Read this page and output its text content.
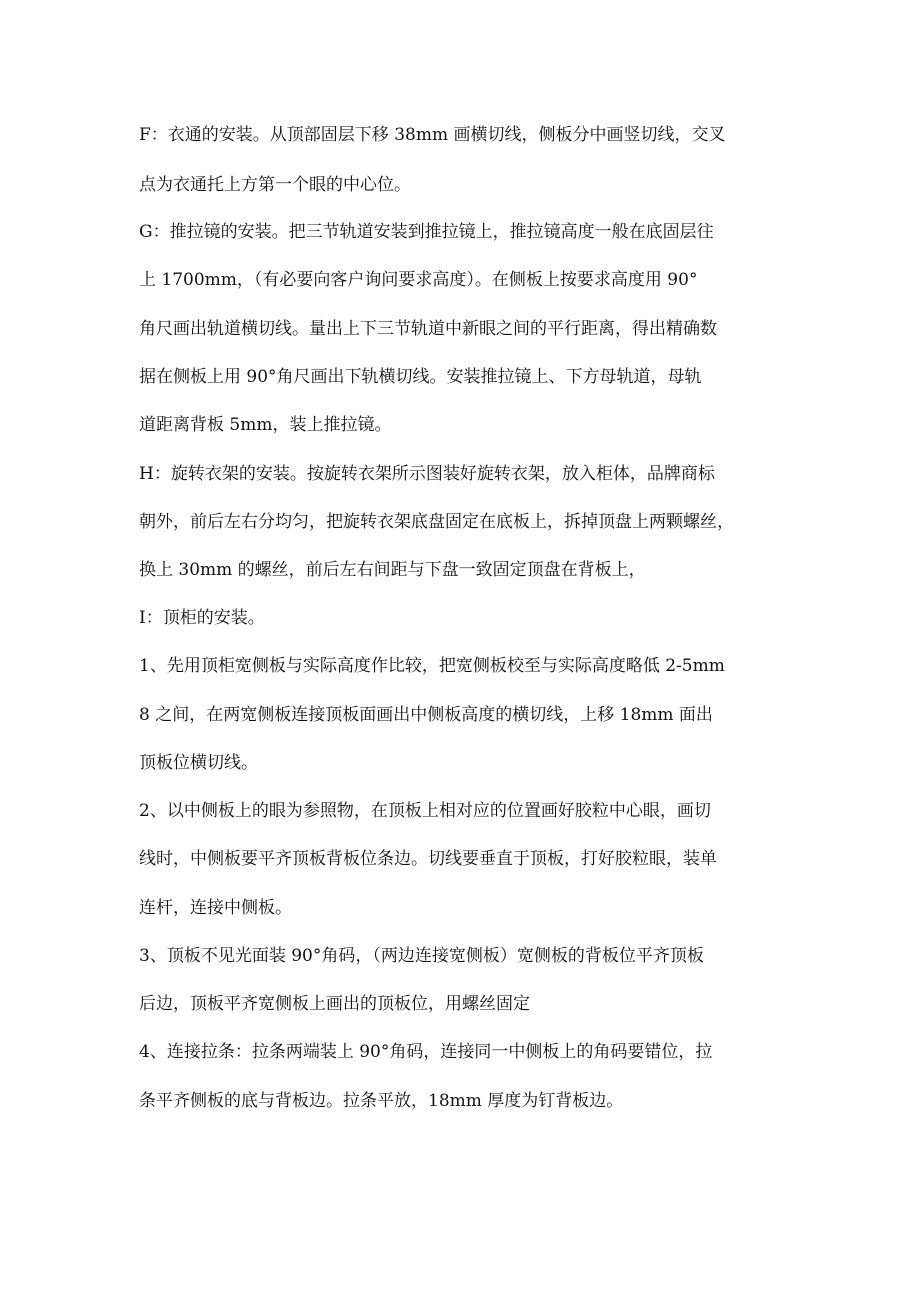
F：衣通的安装。从顶部固层下移 38mm 画横切线，侧板分中画竖切线，交叉
点为衣通托上方第一个眼的中心位。
G：推拉镜的安装。把三节轨道安装到推拉镜上，推拉镜高度一般在底固层往
上 1700mm，（有必要向客户询问要求高度）。在侧板上按要求高度用 90°
角尺画出轨道横切线。量出上下三节轨道中新眼之间的平行距离，得出精确数
据在侧板上用 90°角尺画出下轨横切线。安装推拉镜上、下方母轨道，母轨
道距离背板 5mm，装上推拉镜。
H：旋转衣架的安装。按旋转衣架所示图装好旋转衣架，放入柜体，品牌商标
朝外，前后左右分均匀，把旋转衣架底盘固定在底板上，拆掉顶盘上两颗螺丝，
换上 30mm 的螺丝，前后左右间距与下盘一致固定顶盘在背板上，
I：顶柜的安装。
1、先用顶柜宽侧板与实际高度作比较，把宽侧板校至与实际高度略低 2-5mm
8 之间，在两宽侧板连接顶板面画出中侧板高度的横切线，上移 18mm 面出
顶板位横切线。
2、以中侧板上的眼为参照物，在顶板上相对应的位置画好胶粒中心眼，画切
线时，中侧板要平齐顶板背板位条边。切线要垂直于顶板，打好胶粒眼，装单
连杆，连接中侧板。
3、顶板不见光面装 90°角码，（两边连接宽侧板）宽侧板的背板位平齐顶板
后边，顶板平齐宽侧板上画出的顶板位，用螺丝固定
4、连接拉条：拉条两端装上 90°角码，连接同一中侧板上的角码要错位，拉
条平齐侧板的底与背板边。拉条平放，18mm 厚度为钉背板边。
